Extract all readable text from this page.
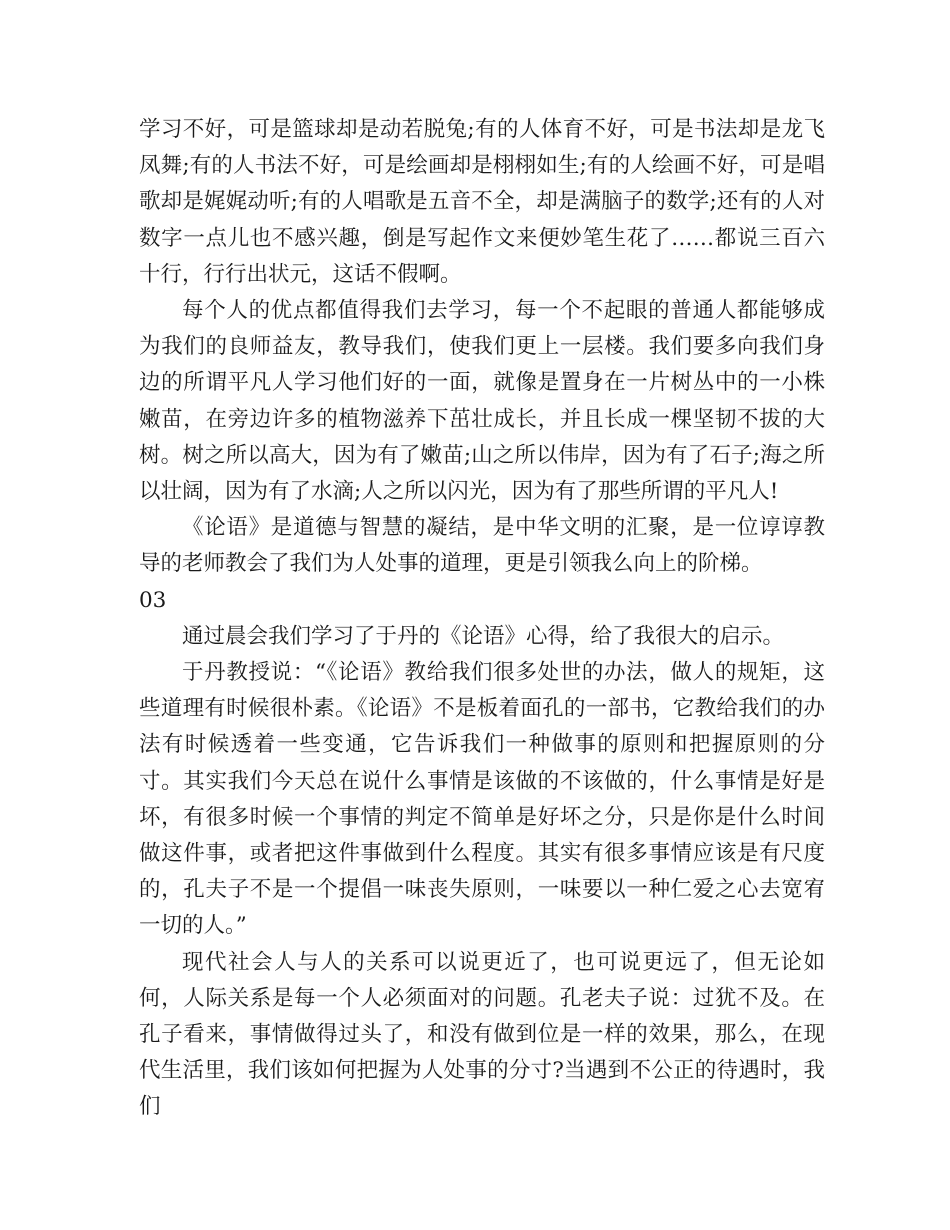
学习不好，可是篮球却是动若脱兔;有的人体育不好，可是书法却是龙飞凤舞;有的人书法不好，可是绘画却是栩栩如生;有的人绘画不好，可是唱歌却是娓娓动听;有的人唱歌是五音不全，却是满脑子的数学;还有的人对数字一点儿也不感兴趣，倒是写起作文来便妙笔生花了……都说三百六十行，行行出状元，这话不假啊。

每个人的优点都值得我们去学习，每一个不起眼的普通人都能够成为我们的良师益友，教导我们，使我们更上一层楼。我们要多向我们身边的所谓平凡人学习他们好的一面，就像是置身在一片树丛中的一小株嫩苗，在旁边许多的植物滋养下茁壮成长，并且长成一棵坚韧不拔的大树。树之所以高大，因为有了嫩苗;山之所以伟岸，因为有了石子;海之所以壮阔，因为有了水滴;人之所以闪光，因为有了那些所谓的平凡人!

《论语》是道德与智慧的凝结，是中华文明的汇聚，是一位谆谆教导的老师教会了我们为人处事的道理，更是引领我么向上的阶梯。

03

通过晨会我们学习了于丹的《论语》心得，给了我很大的启示。

于丹教授说：“《论语》教给我们很多处世的办法，做人的规矩，这些道理有时候很朴素。《论语》不是板着面孔的一部书，它教给我们的办法有时候透着一些变通，它告诉我们一种做事的原则和把握原则的分寸。其实我们今天总在说什么事情是该做的不该做的，什么事情是好是坏，有很多时候一个事情的判定不简单是好坏之分，只是你是什么时间做这件事，或者把这件事做到什么程度。其实有很多事情应该是有尺度的，孔夫子不是一个提倡一味丧失原则，一味要以一种仁爱之心去宽宥一切的人。”

现代社会人与人的关系可以说更近了，也可说更远了，但无论如何，人际关系是每一个人必须面对的问题。孔老夫子说：过犹不及。在孔子看来，事情做得过头了，和没有做到位是一样的效果，那么，在现代生活里，我们该如何把握为人处事的分寸?当遇到不公正的待遇时，我们
